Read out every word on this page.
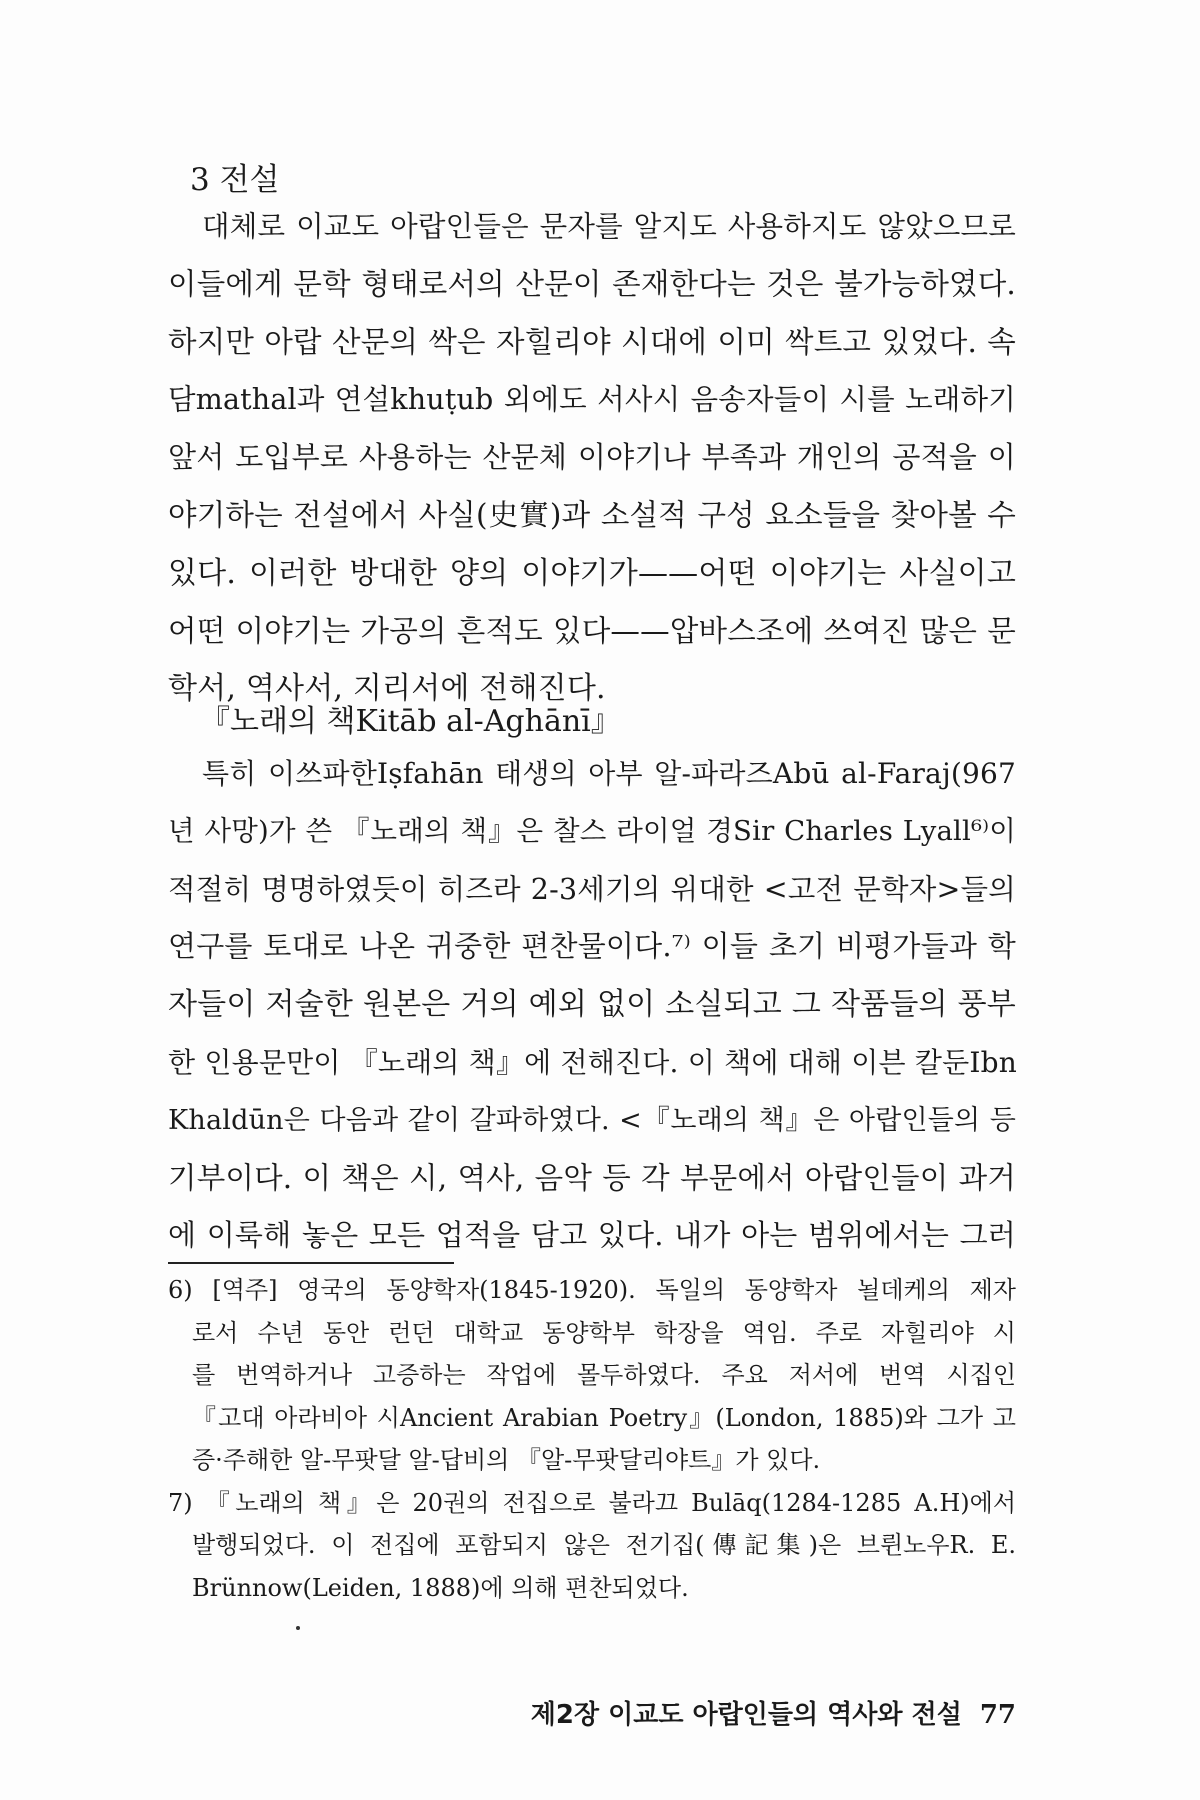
3 전설
대체로 이교도 아랍인들은 문자를 알지도 사용하지도 않았으므로
이들에게 문학 형태로서의 산문이 존재한다는 것은 불가능하였다.
하지만 아랍 산문의 싹은 자힐리야 시대에 이미 싹트고 있었다. 속
담mathal과 연설khuṭub 외에도 서사시 음송자들이 시를 노래하기
앞서 도입부로 사용하는 산문체 이야기나 부족과 개인의 공적을 이
야기하는 전설에서 사실(史實)과 소설적 구성 요소들을 찾아볼 수
있다. 이러한 방대한 양의 이야기가——어떤 이야기는 사실이고
어떤 이야기는 가공의 흔적도 있다——압바스조에 쓰여진 많은 문
학서, 역사서, 지리서에 전해진다.
『노래의 책Kitāb al-Aghānī』
특히 이쓰파한Iṣfahān 태생의 아부 알-파라즈Abū al-Faraj(967
년 사망)가 쓴 『노래의 책』은 찰스 라이얼 경Sir Charles Lyall⁶⁾이
적절히 명명하였듯이 히즈라 2-3세기의 위대한 <고전 문학자>들의
연구를 토대로 나온 귀중한 편찬물이다.⁷⁾ 이들 초기 비평가들과 학
자들이 저술한 원본은 거의 예외 없이 소실되고 그 작품들의 풍부
한 인용문만이 『노래의 책』에 전해진다. 이 책에 대해 이븐 칼둔Ibn
Khaldūn은 다음과 같이 갈파하였다. <『노래의 책』은 아랍인들의 등
기부이다. 이 책은 시, 역사, 음악 등 각 부문에서 아랍인들이 과거
에 이룩해 놓은 모든 업적을 담고 있다. 내가 아는 범위에서는 그러
6) [역주] 영국의 동양학자(1845-1920). 독일의 동양학자 뇔데케의 제자
로서 수년 동안 런던 대학교 동양학부 학장을 역임. 주로 자힐리야 시
를 번역하거나 고증하는 작업에 몰두하였다. 주요 저서에 번역 시집인
『고대 아라비아 시Ancient Arabian Poetry』(London, 1885)와 그가 고
증·주해한 알-무팟달 알-답비의 『알-무팟달리야트』가 있다.
7) 『노래의 책』은 20권의 전집으로 불라끄 Bulāq(1284-1285 A.H)에서
발행되었다. 이 전집에 포함되지 않은 전기집(傳記集)은 브륀노우R. E.
Brünnow(Leiden, 1888)에 의해 편찬되었다.
제2장 이교도 아랍인들의 역사와 전설 77
